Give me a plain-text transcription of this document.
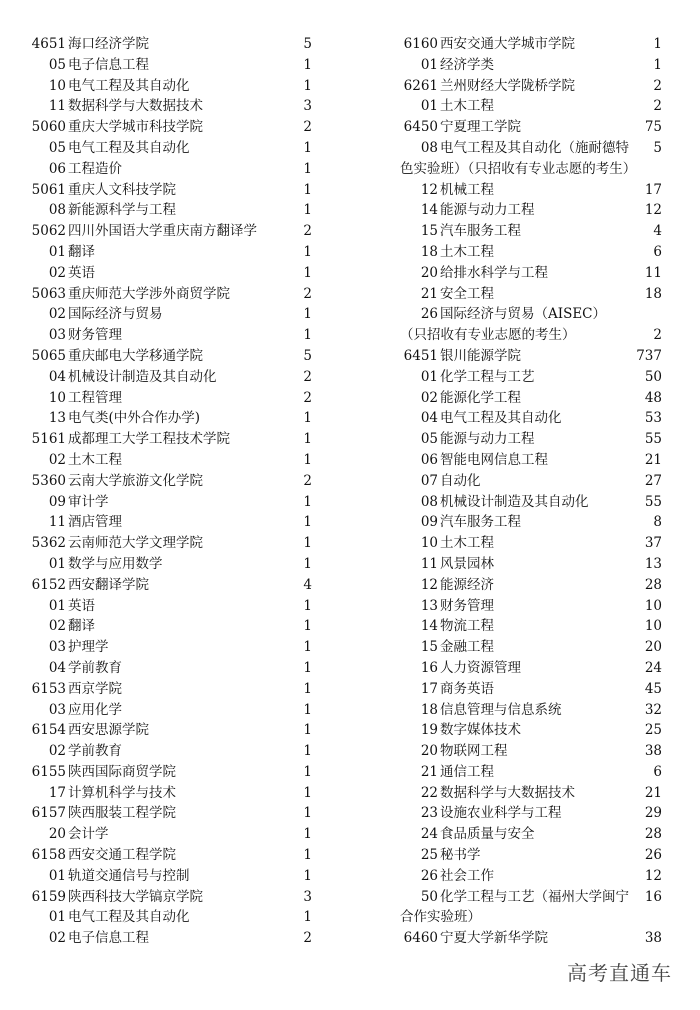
4651 海口经济学院	5
05 电子信息工程	1
10 电气工程及其自动化	1
11 数据科学与大数据技术	3
5060 重庆大学城市科技学院	2
05 电气工程及其自动化	1
06 工程造价	1
5061 重庆人文科技学院	1
08 新能源科学与工程	1
5062 四川外国语大学重庆南方翻译学	2
01 翻译	1
02 英语	1
5063 重庆师范大学涉外商贸学院	2
02 国际经济与贸易	1
03 财务管理	1
5065 重庆邮电大学移通学院	5
04 机械设计制造及其自动化	2
10 工程管理	2
13 电气类(中外合作办学)	1
5161 成都理工大学工程技术学院	1
02 土木工程	1
5360 云南大学旅游文化学院	2
09 审计学	1
11 酒店管理	1
5362 云南师范大学文理学院	1
01 数学与应用数学	1
6152 西安翻译学院	4
01 英语	1
02 翻译	1
03 护理学	1
04 学前教育	1
6153 西京学院	1
03 应用化学	1
6154 西安思源学院	1
02 学前教育	1
6155 陕西国际商贸学院	1
17 计算机科学与技术	1
6157 陕西服装工程学院	1
20 会计学	1
6158 西安交通工程学院	1
01 轨道交通信号与控制	1
6159 陕西科技大学镐京学院	3
01 电气工程及其自动化	1
02 电子信息工程	2
6160 西安交通大学城市学院	1
01 经济学类	1
6261 兰州财经大学陇桥学院	2
01 土木工程	2
6450 宁夏理工学院	75
08 电气工程及其自动化（施耐德特 5
色实验班）（只招收有专业志愿的考生）
12 机械工程	17
14 能源与动力工程	12
15 汽车服务工程	4
18 土木工程	6
20 给排水科学与工程	11
21 安全工程	18
26 国际经济与贸易（AISEC）
（只招收有专业志愿的考生）	2
6451 银川能源学院	737
01 化学工程与工艺	50
02 能源化学工程	48
04 电气工程及其自动化	53
05 能源与动力工程	55
06 智能电网信息工程	21
07 自动化	27
08 机械设计制造及其自动化	55
09 汽车服务工程	8
10 土木工程	37
11 风景园林	13
12 能源经济	28
13 财务管理	10
14 物流工程	10
15 金融工程	20
16 人力资源管理	24
17 商务英语	45
18 信息管理与信息系统	32
19 数字媒体技术	25
20 物联网工程	38
21 通信工程	6
22 数据科学与大数据技术	21
23 设施农业科学与工程	29
24 食品质量与安全	28
25 秘书学	26
26 社会工作	12
50 化学工程与工艺（福州大学闽宁 16
合作实验班）
6460 宁夏大学新华学院	38
高考直通车
